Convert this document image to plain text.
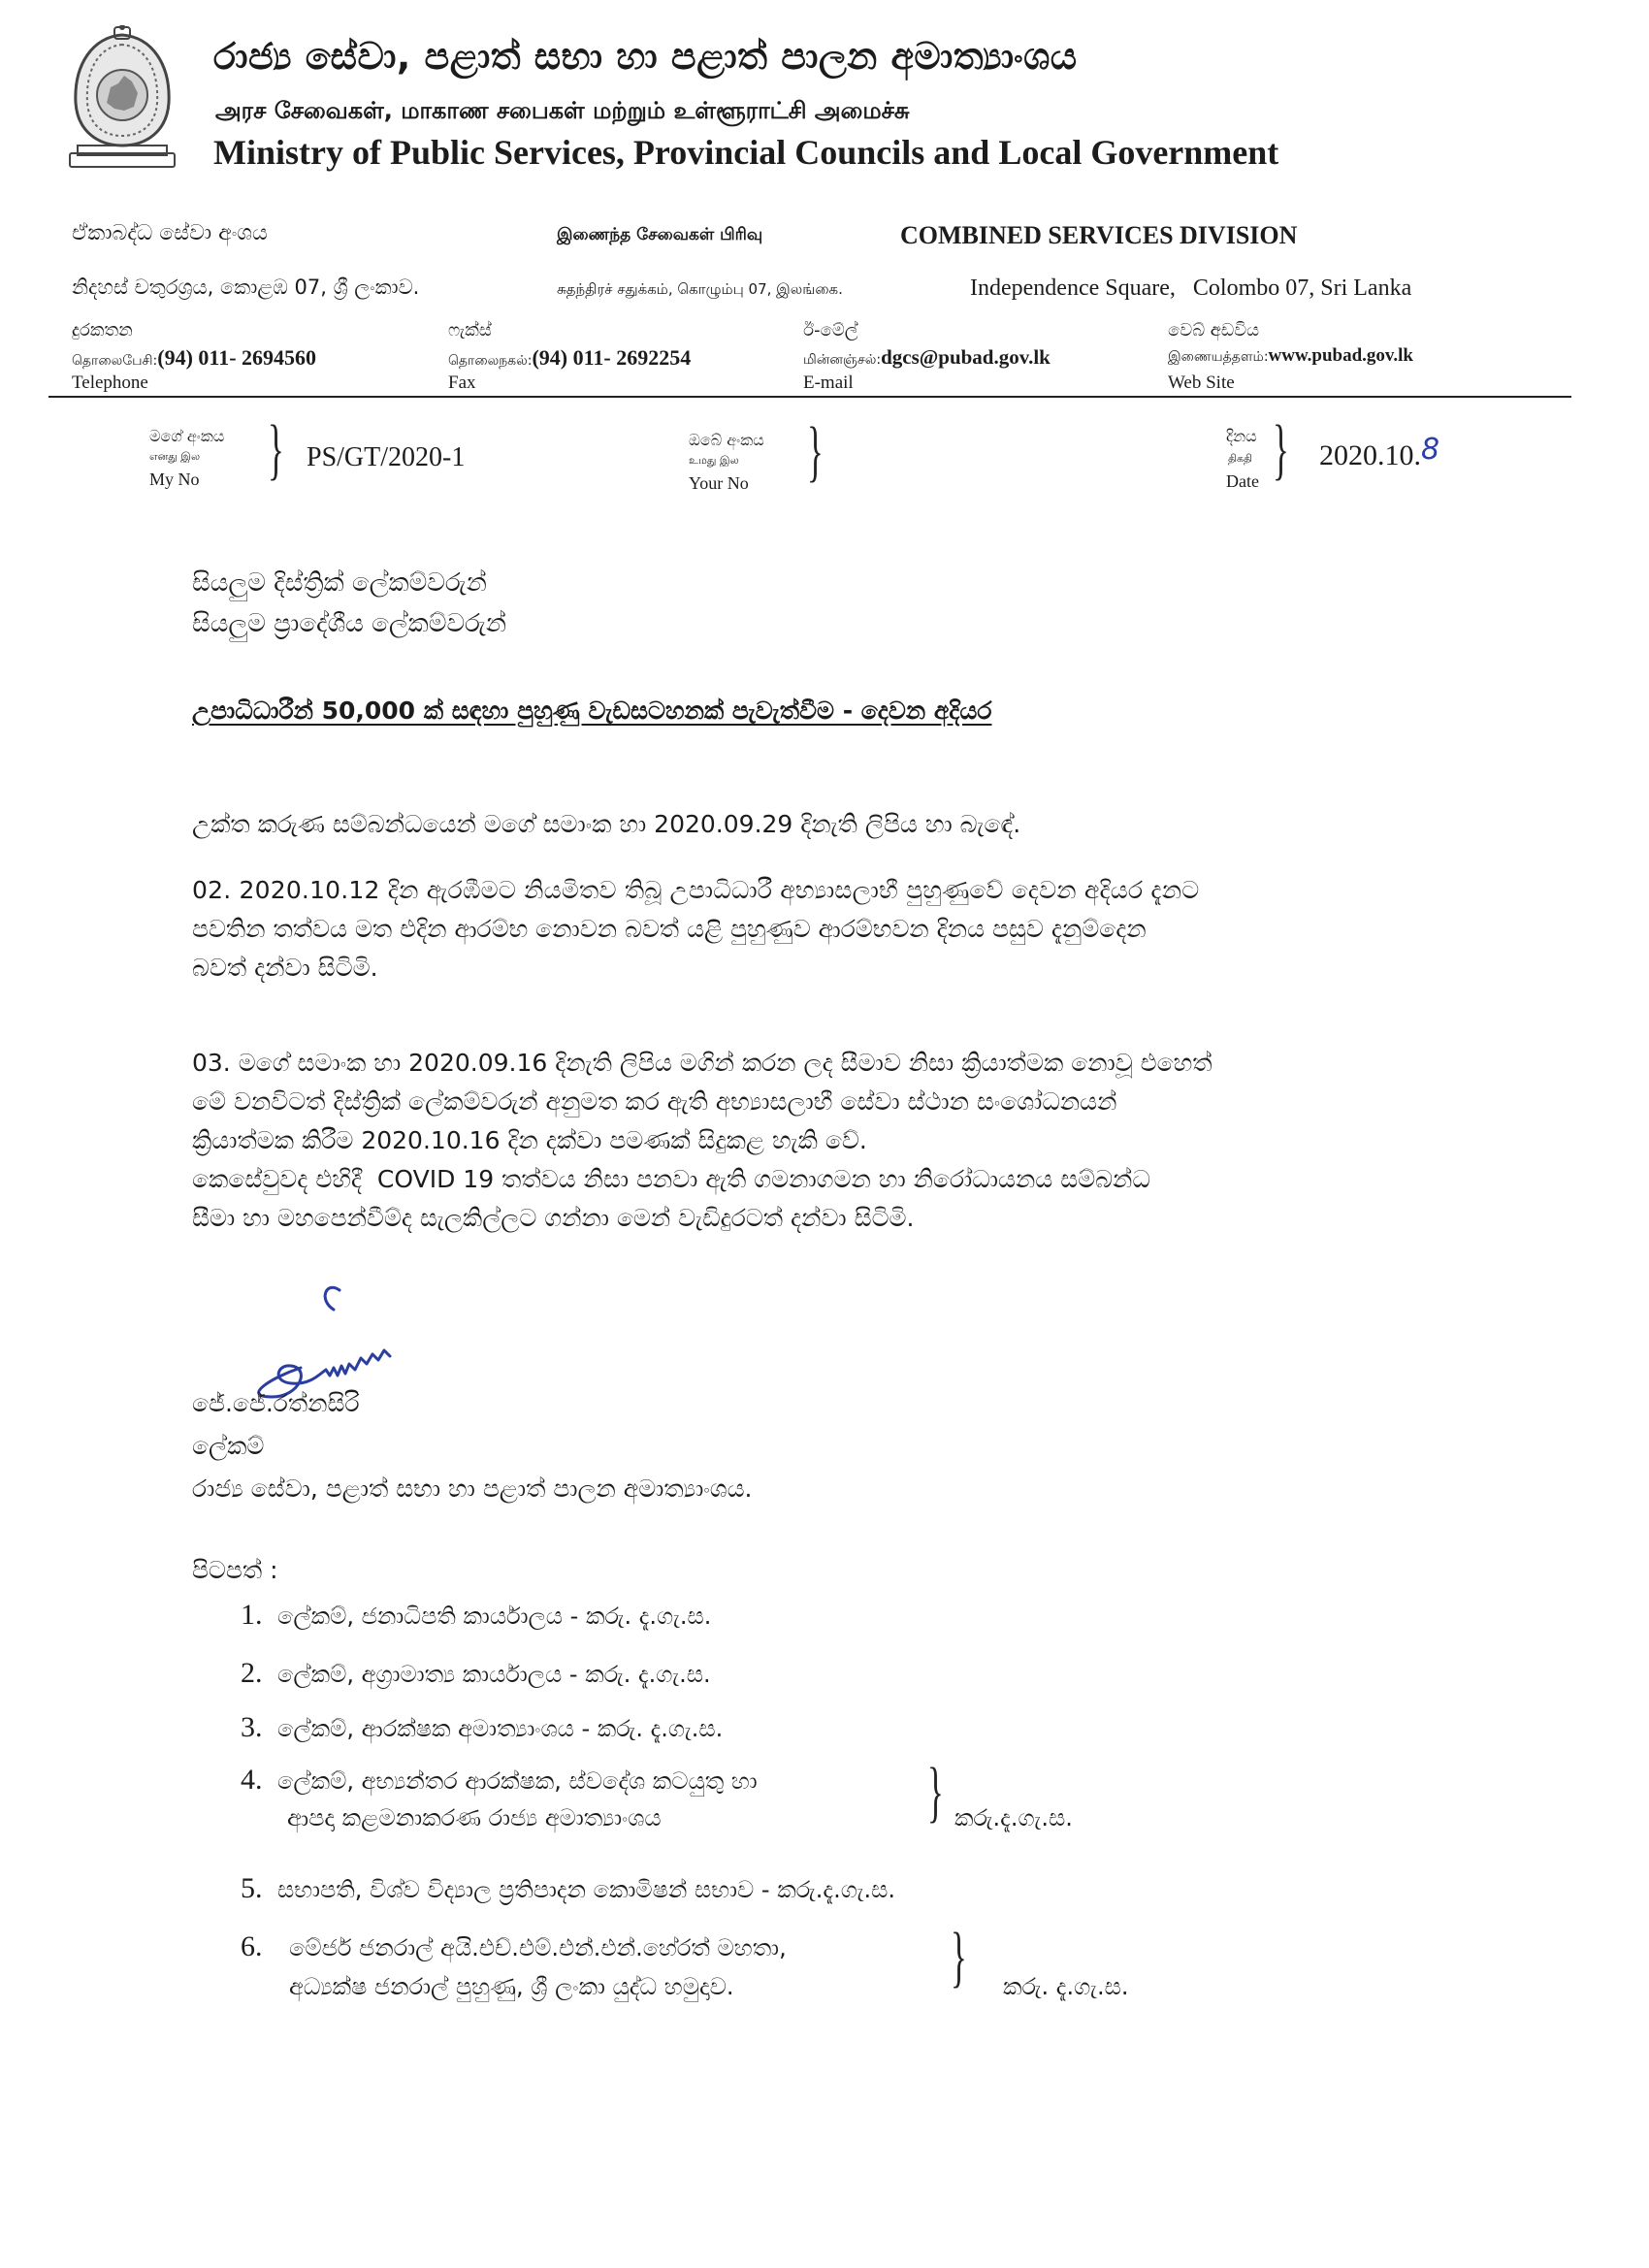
රාජ්‍ය සේවා, පළාත් සභා හා පළාත් පාලන අමාත්‍යාංශය
அரச சேவைகள், மாகாண சபைகள் மற்றும் உள்ளூராட்சி அமைச்சு
Ministry of Public Services, Provincial Councils and Local Government
ඒකාබද්ධ සේවා අංශය	இணைந்த சேவைகள் பிரிவு	COMBINED SERVICES DIVISION
නිදහස් චතුරශ්‍රය, කොළඹ 07, ශ්‍රී ලංකාව.	சுதந்திரச் சதுக்கம், கொழும்பு 07, இலங்கை.	Independence Square,   Colombo 07, Sri Lanka
දුරකතන
தொலைபேசி:(94) 011- 2694560
Telephone
ෆැක්ස්
தொலைநகல்:(94) 011- 2692254
Fax
ඊ-මේල්
மின்னஞ்சல்:dgcs@pubad.gov.lk
E-mail
වෙබ් අඩවිය
இணையத்தளம்:www.pubad.gov.lk
Web Site
මගේ අංකය
எனது இல
My No } PS/GT/2020-1
ඔබේ අංකය
உமது இல
Your No }	දිනය
திகதி
Date } 2020.10.8
සියලුම දිස්ත්‍රික් ලේකම්වරුන්
සියලුම ප්‍රාදේශීය ලේකම්වරුන්
උපාධිධාරීන් 50,000 ක් සඳහා පුහුණු වැඩසටහනක් පැවැත්වීම - දෙවන අදියර
උක්ත කරුණ සම්බන්ධයෙන් මගේ සමාංක හා 2020.09.29 දිනැති ලිපිය හා බැඳේ.
02. 2020.10.12 දින ඇරඹීමට නියමිතව තිබූ උපාධිධාරී අභ්‍යාසලාභී පුහුණුවේ දෙවන අදියර දැනට
පවතින තත්වය මත එදින ආරම්භ නොවන බවත් යළි පුහුණුව ආරම්භවන දිනය පසුව දැනුම්දෙන
බවත් දන්වා සිටිමි.
03. මගේ සමාංක හා 2020.09.16 දිනැති ලිපිය මගින් කරන ලද සීමාව නිසා ක්‍රියාත්මක නොවූ එහෙත්
මේ වනවිටත් දිස්ත්‍රික් ලේකම්වරුන් අනුමත කර ඇති අභ්‍යාසලාභී සේවා ස්ථාන සංශෝධනයන්
ක්‍රියාත්මක කිරීම 2020.10.16 දින දක්වා පමණක් සිදුකළ හැකි වේ.
කෙසේවුවද එහිදී  COVID 19 තත්වය නිසා පනවා ඇති ගමනාගමන හා නිරෝධායනය සම්බන්ධ
සීමා හා මහපෙන්වීම්ද සැලකිල්ලට ගන්නා මෙන් වැඩිදුරටත් දන්වා සිටිමි.
ජේ.ජේ.රත්නසිරි
ලේකම්
රාජ්‍ය සේවා, පළාත් සභා හා පළාත් පාලන අමාත්‍යාංශය.
පිටපත් :
1. ලේකම්, ජනාධිපති කාර්යාලය - කරු. දැ.ගැ.ස.
2. ලේකම්, අග්‍රාමාත්‍ය කාර්යාලය - කරු. දැ.ගැ.ස.
3. ලේකම්, ආරක්ෂක අමාත්‍යාංශය - කරු. දැ.ගැ.ස.
4. ලේකම්, අභ්‍යන්තර ආරක්ෂක, ස්වදේශ කටයුතු හා
ආපදා කළමනාකරණ රාජ්‍ය අමාත්‍යාංශය	} කරු.දැ.ගැ.ස.
5. සභාපති, විශ්ව විද්‍යාල ප්‍රතිපාදන කොමිෂන් සභාව - කරු.දැ.ගැ.ස.
6. මේජර් ජනරාල් අයි.එච්.එම්.එන්.එන්.හේරත් මහතා,
අධ්‍යක්ෂ ජනරාල් පුහුණු, ශ්‍රී ලංකා යුද්ධ හමුදාව.	} කරු. දැ.ගැ.ස.
